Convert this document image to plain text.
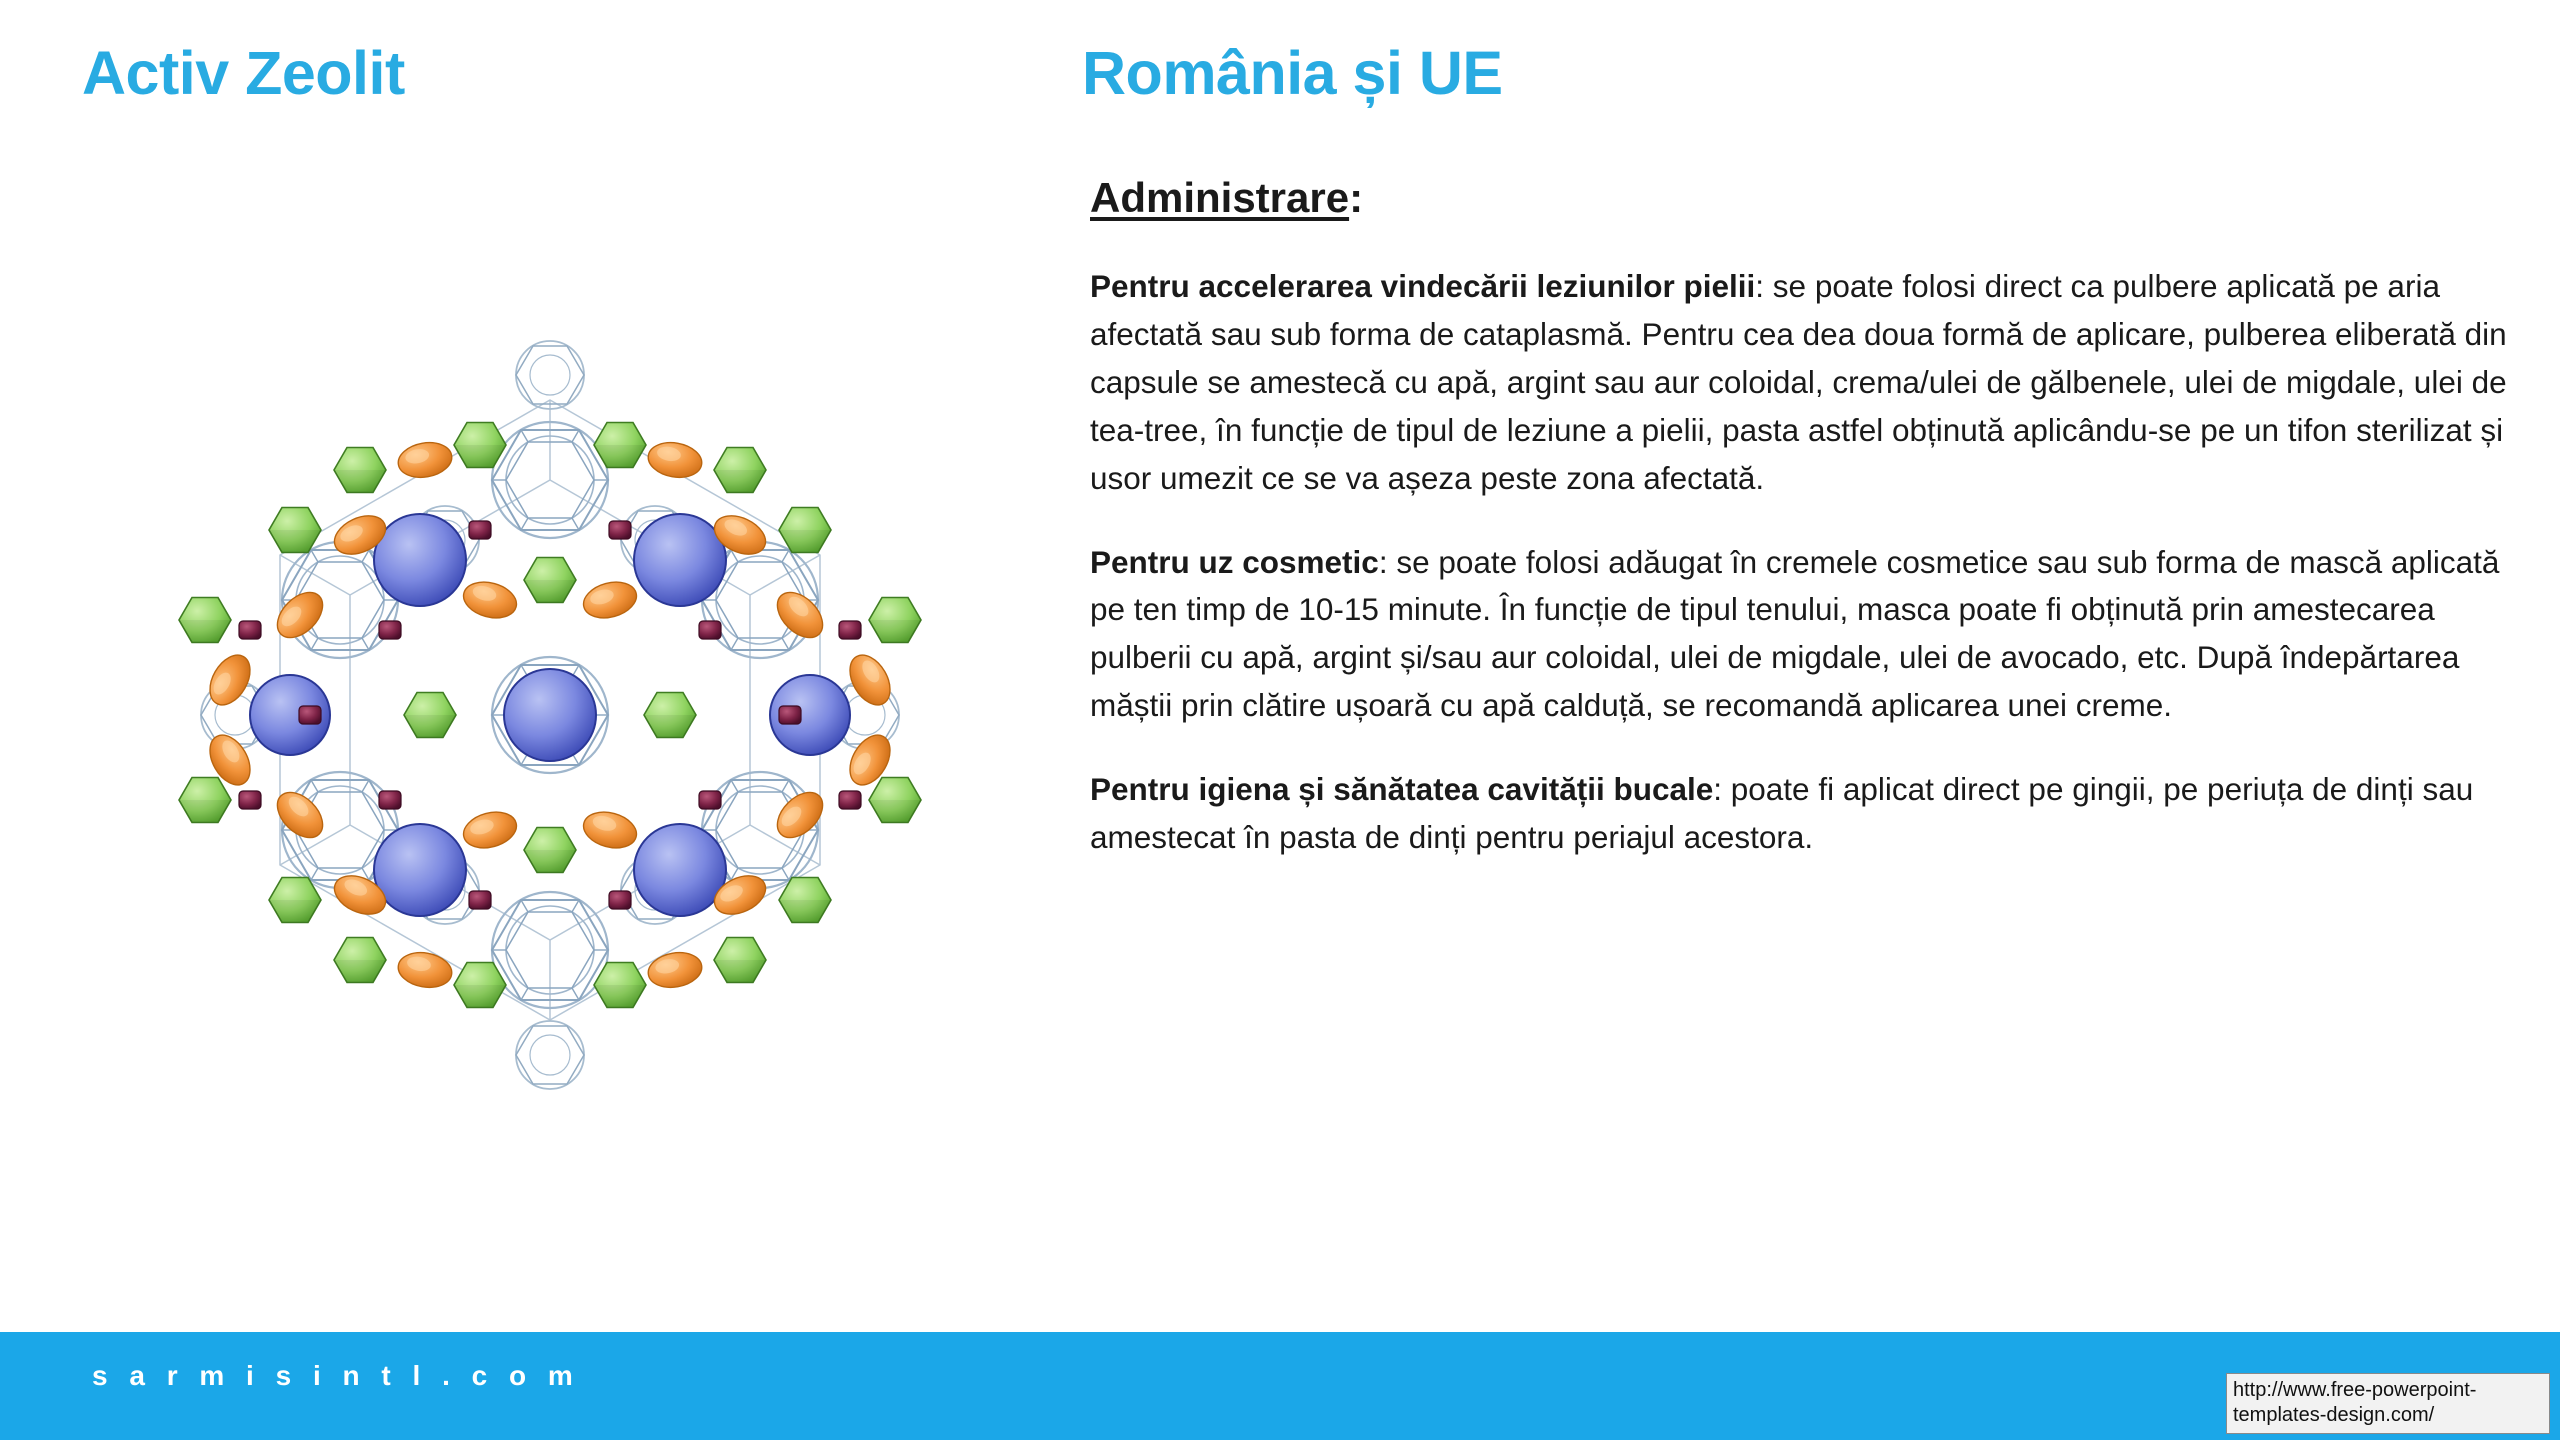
Activ Zeolit	România și UE
Administrare:

Pentru accelerarea vindecării leziunilor pielii: se poate folosi direct ca pulbere aplicată pe aria afectată sau sub forma de cataplasmă. Pentru cea dea doua formă de aplicare, pulberea eliberată din capsule se amestecă cu apă, argint sau aur coloidal, crema/ulei de gălbenele, ulei de migdale, ulei de tea-tree, în funcție de tipul de leziune a pielii, pasta astfel obținută aplicându-se pe un tifon sterilizat și usor umezit ce se va așeza peste zona afectată.

Pentru uz cosmetic: se poate folosi adăugat în cremele cosmetice sau sub forma de mască aplicată pe ten timp de 10-15 minute. În funcție de tipul tenului, masca poate fi obținută prin amestecarea pulberii cu apă, argint și/sau aur coloidal, ulei de migdale, ulei de avocado, etc. După îndepărtarea măștii prin clătire ușoară cu apă calduță, se recomandă aplicarea unei creme.

Pentru igiena și sănătatea cavității bucale: poate fi aplicat direct pe gingii, pe periuța de dinți sau amestecat în pasta de dinți pentru periajul acestora.

s a r m i s i n t l . c o m	http://www.free-powerpoint-
templates-design.com/
